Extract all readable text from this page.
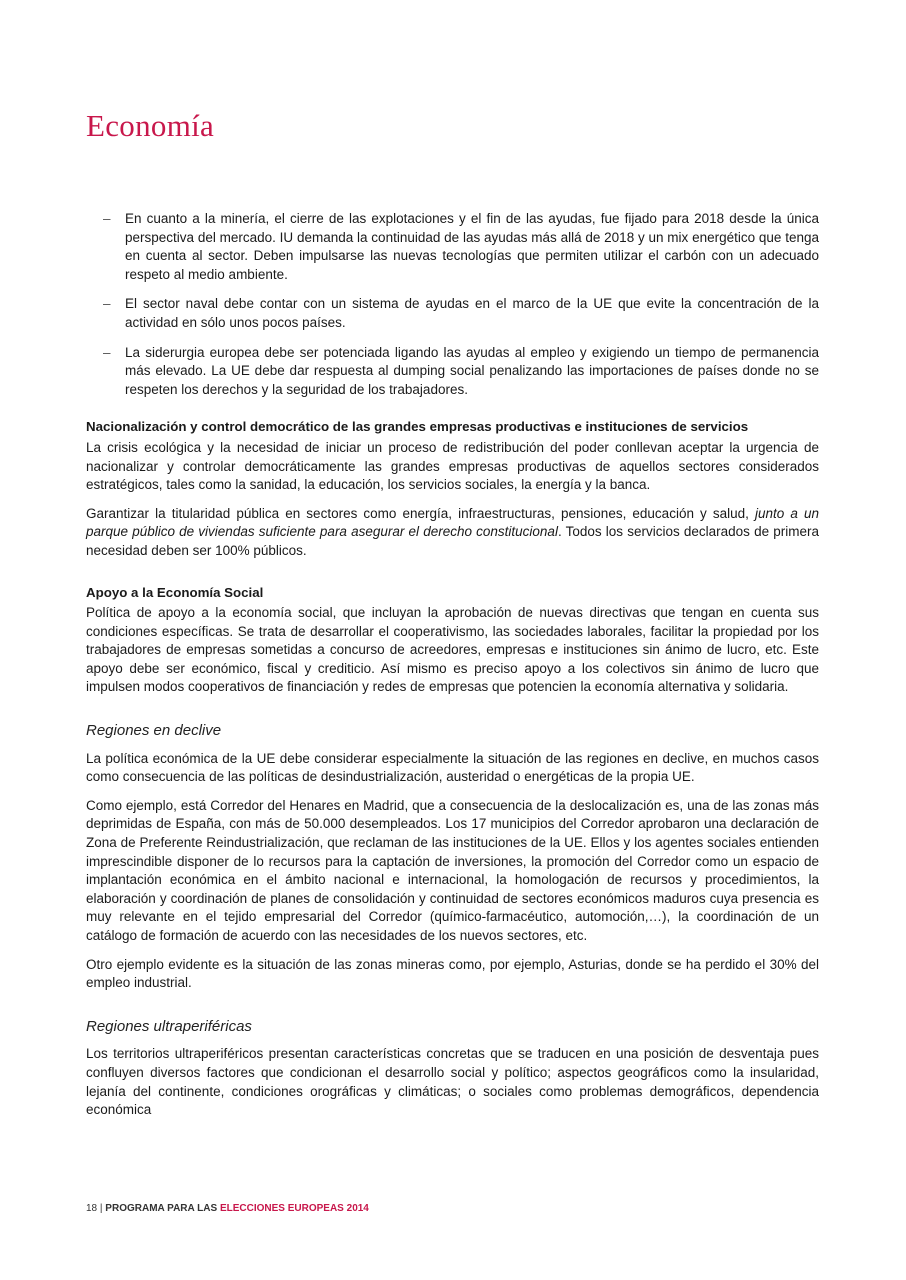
Economía
– En cuanto a la minería, el cierre de las explotaciones y el fin de las ayudas, fue fijado para 2018 desde la única perspectiva del mercado. IU demanda la continuidad de las ayudas más allá de 2018 y un mix energético que tenga en cuenta al sector. Deben impulsarse las nuevas tecnologías que permiten utilizar el carbón con un adecuado respeto al medio ambiente.
– El sector naval debe contar con un sistema de ayudas en el marco de la UE que evite la concentración de la actividad en sólo unos pocos países.
– La siderurgia europea debe ser potenciada ligando las ayudas al empleo y exigiendo un tiempo de permanencia más elevado. La UE debe dar respuesta al dumping social penalizando las importaciones de países donde no se respeten los derechos y la seguridad de los trabajadores.
Nacionalización y control democrático de las grandes empresas productivas e instituciones de servicios

La crisis ecológica y la necesidad de iniciar un proceso de redistribución del poder conllevan aceptar la urgencia de nacionalizar y controlar democráticamente las grandes empresas productivas de aquellos sectores considerados estratégicos, tales como la sanidad, la educación, los servicios sociales, la energía y la banca.

Garantizar la titularidad pública en sectores como energía, infraestructuras, pensiones, educación y salud, junto a un parque público de viviendas suficiente para asegurar el derecho constitucional. Todos los servicios declarados de primera necesidad deben ser 100% públicos.

Apoyo a la Economía Social

Política de apoyo a la economía social, que incluyan la aprobación de nuevas directivas que tengan en cuenta sus condiciones específicas. Se trata de desarrollar el cooperativismo, las sociedades laborales, facilitar la propiedad por los trabajadores de empresas sometidas a concurso de acreedores, empresas e instituciones sin ánimo de lucro, etc. Este apoyo debe ser económico, fiscal y crediticio. Así mismo es preciso apoyo a los colectivos sin ánimo de lucro que impulsen modos cooperativos de financiación y redes de empresas que potencien la economía alternativa y solidaria.

Regiones en declive

La política económica de la UE debe considerar especialmente la situación de las regiones en declive, en muchos casos como consecuencia de las políticas de desindustrialización, austeridad o energéticas de la propia UE.

Como ejemplo, está Corredor del Henares en Madrid, que a consecuencia de la deslocalización es, una de las zonas más deprimidas de España, con más de 50.000 desempleados. Los 17 municipios del Corredor aprobaron una declaración de Zona de Preferente Reindustrialización, que reclaman de las instituciones de la UE. Ellos y los agentes sociales entienden imprescindible disponer de lo recursos para la captación de inversiones, la promoción del Corredor como un espacio de implantación económica en el ámbito nacional e internacional, la homologación de recursos y procedimientos, la elaboración y coordinación de planes de consolidación y continuidad de sectores económicos maduros cuya presencia es muy relevante en el tejido empresarial del Corredor (químico-farmacéutico, automoción,…), la coordinación de un catálogo de formación de acuerdo con las necesidades de los nuevos sectores, etc.

Otro ejemplo evidente es la situación de las zonas mineras como, por ejemplo, Asturias, donde se ha perdido el 30% del empleo industrial.

Regiones ultraperiféricas

Los territorios ultraperiféricos presentan características concretas que se traducen en una posición de desventaja pues confluyen diversos factores que condicionan el desarrollo social y político; aspectos geográficos como la insularidad, lejanía del continente, condiciones orográficas y climáticas; o sociales como problemas demográficos, dependencia económica

18 | PROGRAMA PARA LAS ELECCIONES EUROPEAS 2014
